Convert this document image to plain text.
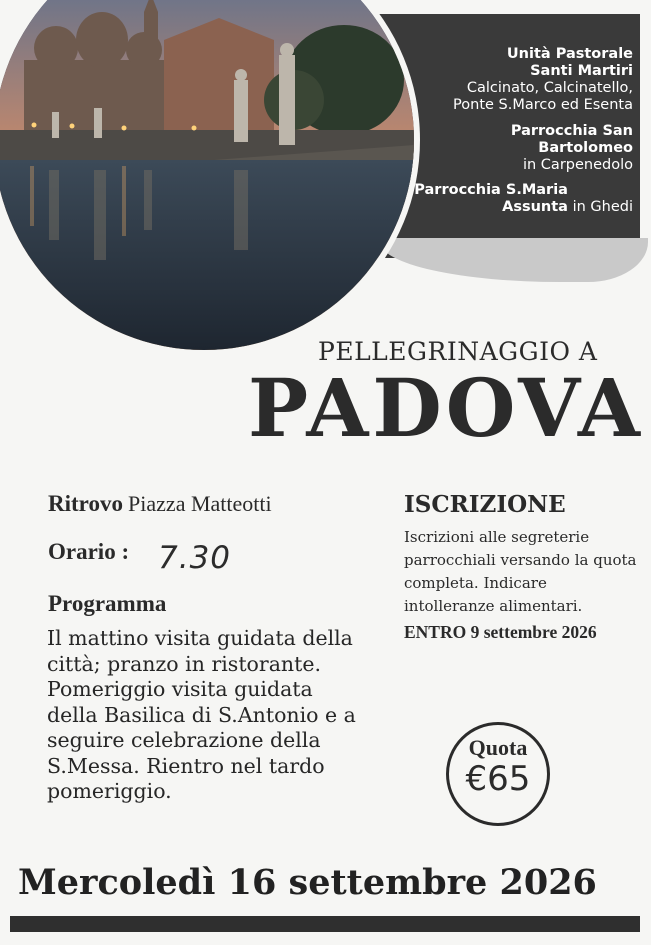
Unità Pastorale Santi Martiri
Calcinato, Calcinatello,
Ponte S.Marco ed Esenta
Parrocchia San Bartolomeo
in Carpenedolo
Parrocchia S.Maria Assunta in Ghedi
PELLEGRINAGGIO A
PADOVA
Ritrovo Piazza Matteotti
Orario : 7.30
Programma
Il mattino visita guidata della città; pranzo in ristorante. Pomeriggio visita guidata della Basilica di S.Antonio e a seguire celebrazione della S.Messa. Rientro nel tardo pomeriggio.
ISCRIZIONE
Iscrizioni alle segreterie parrocchiali versando la quota completa. Indicare intolleranze alimentari.
ENTRO 9 settembre 2026
Quota
€65
Mercoledì 16 settembre 2026
